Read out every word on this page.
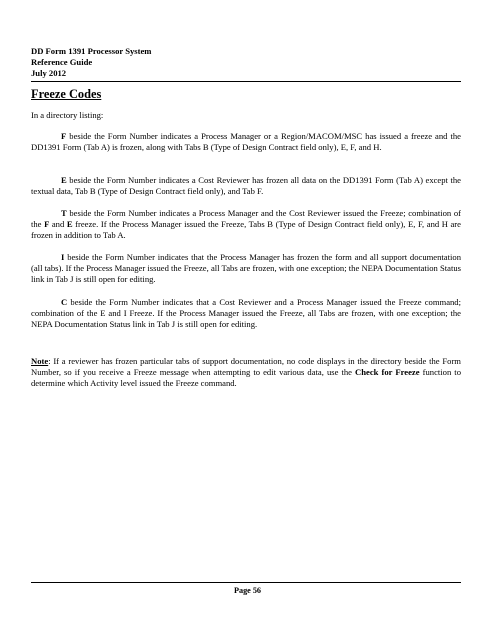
DD Form 1391 Processor System
Reference Guide
July 2012
Freeze Codes
In a directory listing:
F beside the Form Number indicates a Process Manager or a Region/MACOM/MSC has issued a freeze and the DD1391 Form (Tab A) is frozen, along with Tabs B (Type of Design Contract field only), E, F, and H.
E beside the Form Number indicates a Cost Reviewer has frozen all data on the DD1391 Form (Tab A) except the textual data, Tab B (Type of Design Contract field only), and Tab F.
T beside the Form Number indicates a Process Manager and the Cost Reviewer issued the Freeze; combination of the F and E freeze. If the Process Manager issued the Freeze, Tabs B (Type of Design Contract field only), E, F, and H are frozen in addition to Tab A.
I beside the Form Number indicates that the Process Manager has frozen the form and all support documentation (all tabs). If the Process Manager issued the Freeze, all Tabs are frozen, with one exception; the NEPA Documentation Status link in Tab J is still open for editing.
C beside the Form Number indicates that a Cost Reviewer and a Process Manager issued the Freeze command; combination of the E and I Freeze. If the Process Manager issued the Freeze, all Tabs are frozen, with one exception; the NEPA Documentation Status link in Tab J is still open for editing.
Note: If a reviewer has frozen particular tabs of support documentation, no code displays in the directory beside the Form Number, so if you receive a Freeze message when attempting to edit various data, use the Check for Freeze function to determine which Activity level issued the Freeze command.
Page 56
